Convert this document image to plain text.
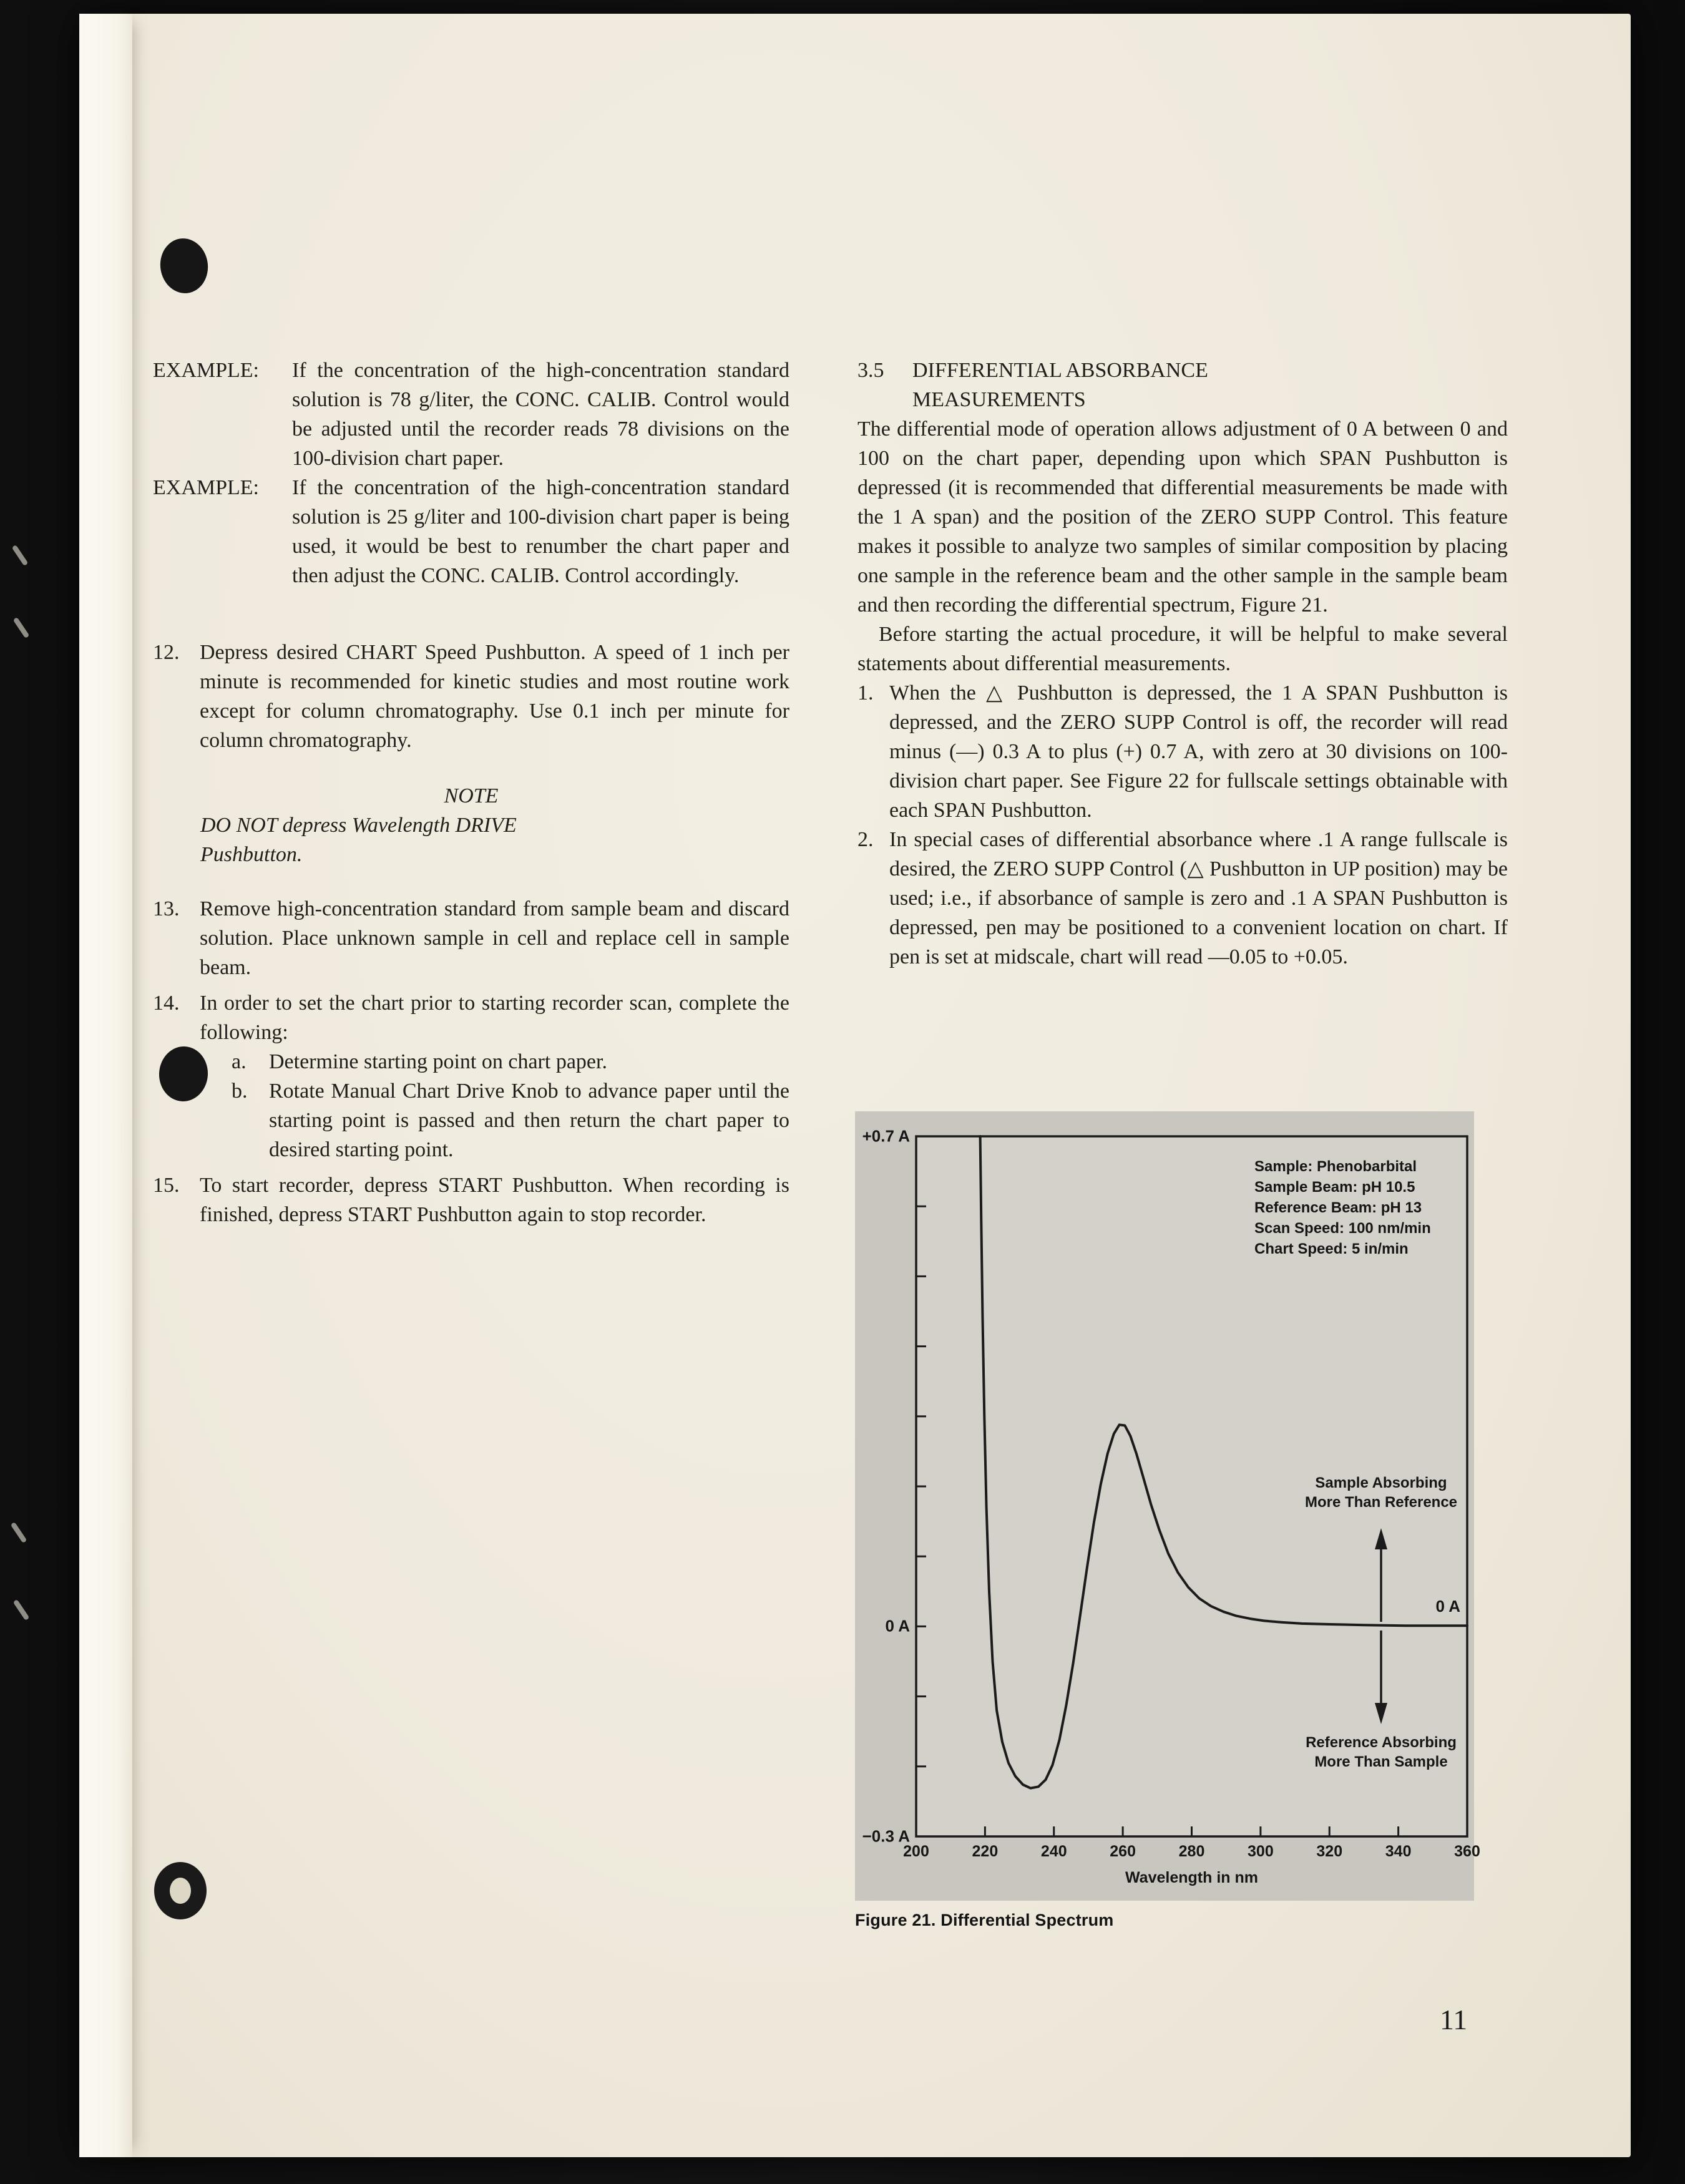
EXAMPLE: If the concentration of the high-concentration standard solution is 78 g/liter, the CONC. CALIB. Control would be adjusted until the recorder reads 78 divisions on the 100-division chart paper.

EXAMPLE: If the concentration of the high-concentration standard solution is 25 g/liter and 100-division chart paper is being used, it would be best to renumber the chart paper and then adjust the CONC. CALIB. Control accordingly.

12. Depress desired CHART Speed Pushbutton. A speed of 1 inch per minute is recommended for kinetic studies and most routine work except for column chromatography. Use 0.1 inch per minute for column chromatography.

NOTE

DO NOT depress Wavelength DRIVE Pushbutton.

13. Remove high-concentration standard from sample beam and discard solution. Place unknown sample in cell and replace cell in sample beam.

14. In order to set the chart prior to starting recorder scan, complete the following:

a. Determine starting point on chart paper.

b. Rotate Manual Chart Drive Knob to advance paper until the starting point is passed and then return the chart paper to desired starting point.

15. To start recorder, depress START Pushbutton. When recording is finished, depress START Pushbutton again to stop recorder.

3.5 DIFFERENTIAL ABSORBANCE
MEASUREMENTS

The differential mode of operation allows adjustment of 0 A between 0 and 100 on the chart paper, depending upon which SPAN Pushbutton is depressed (it is recommended that differential measurements be made with the 1 A span) and the position of the ZERO SUPP Control. This feature makes it possible to analyze two samples of similar composition by placing one sample in the reference beam and the other sample in the sample beam and then recording the differential spectrum, Figure 21.

Before starting the actual procedure, it will be helpful to make several statements about differential measurements.

1. When the △ Pushbutton is depressed, the 1 A SPAN Pushbutton is depressed, and the ZERO SUPP Control is off, the recorder will read minus (—) 0.3 A to plus (+) 0.7 A, with zero at 30 divisions on 100-division chart paper. See Figure 22 for fullscale settings obtainable with each SPAN Pushbutton.

2. In special cases of differential absorbance where .1 A range fullscale is desired, the ZERO SUPP Control (△ Pushbutton in UP position) may be used; i.e., if absorbance of sample is zero and .1 A SPAN Pushbutton is depressed, pen may be positioned to a convenient location on chart. If pen is set at midscale, chart will read —0.05 to +0.05.

+0.7 A
0 A
−0.3 A
Sample: Phenobarbital
Sample Beam: pH 10.5
Reference Beam: pH 13
Scan Speed: 100 nm/min
Chart Speed: 5 in/min
Sample Absorbing
More Than Reference
0 A
Reference Absorbing
More Than Sample
200	220	240	260	280	300	320	340	360
Wavelength in nm
Figure 21. Differential Spectrum
11
